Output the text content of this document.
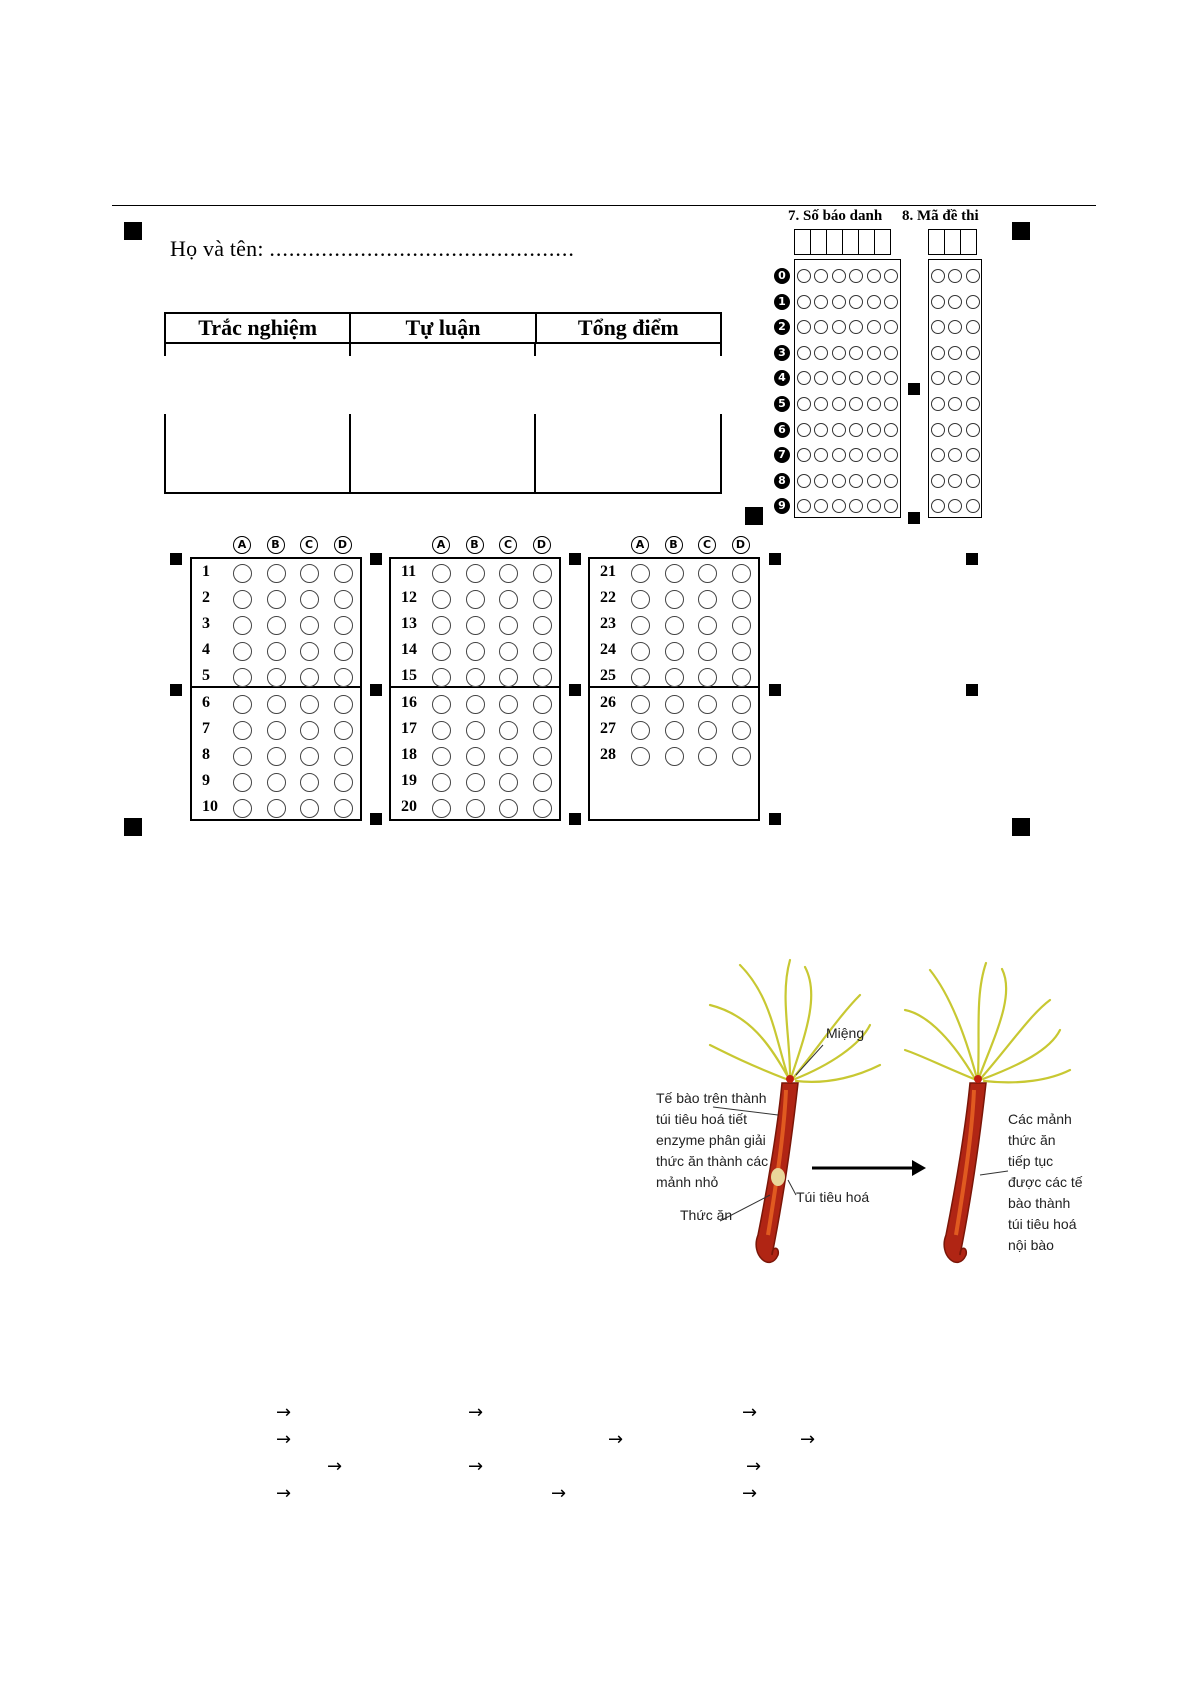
Họ và tên: ...............................................
Trắc nghiệm	Tự luận	Tổng điểm
7. Số báo danh 8. Mã đề thi
Miệng
Tế bào trên thành
túi tiêu hoá tiết
enzyme phân giải
thức ăn thành các
mảnh nhỏ
Thức ăn
Túi tiêu hoá
Các mảnh
thức ăn
tiếp tục
được các tế
bào thành
túi tiêu hoá
nội bào
0
1
2
3
4
5
6
7
8
9
A	B	C	D
1
2
3
4
5
6
7
8
9
10
A	B	C	D
11
12
13
14
15
16
17
18
19
20
A	B	C	D
21
22
23
24
25
26
27
28
→	→	→
→	→	→
→	→	→
→	→	→
